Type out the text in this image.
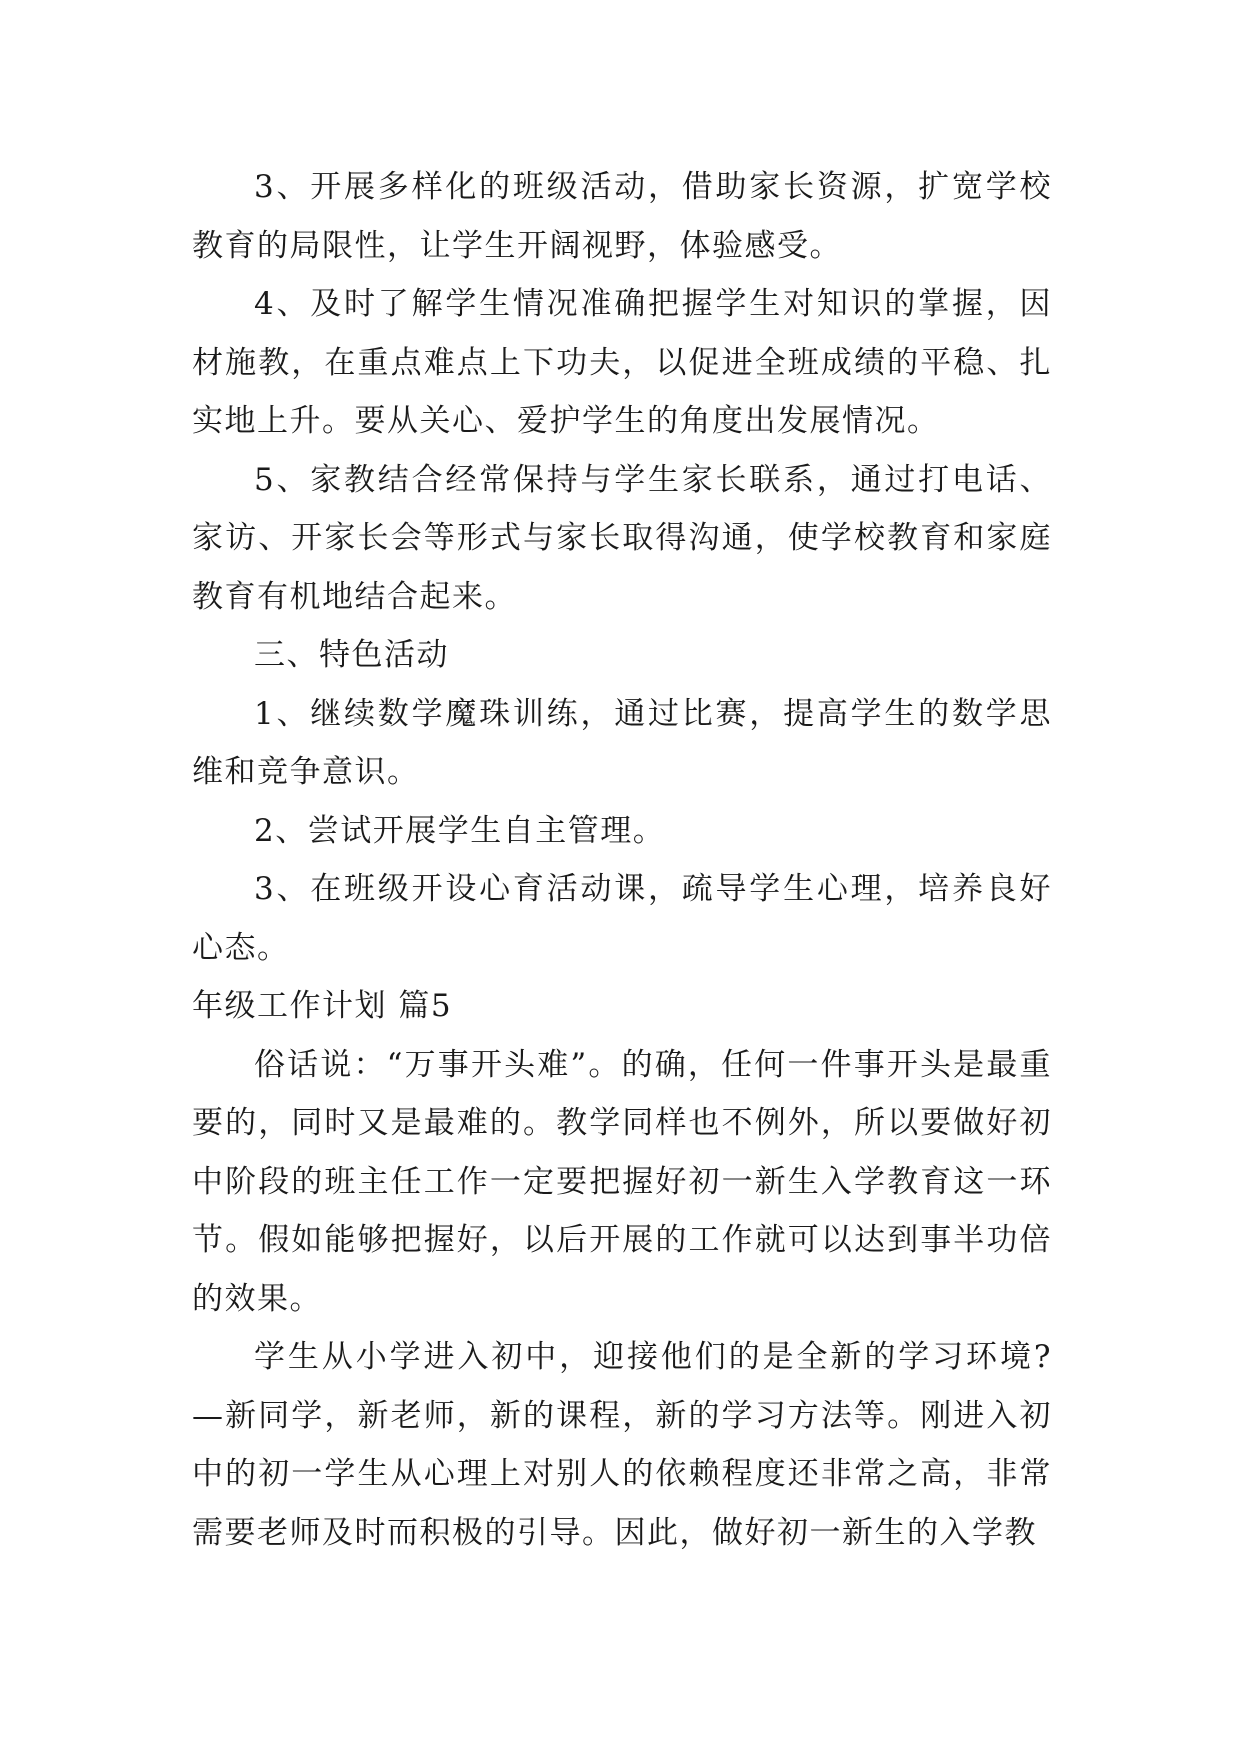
3、开展多样化的班级活动，借助家长资源，扩宽学校教育的局限性，让学生开阔视野，体验感受。

4、及时了解学生情况准确把握学生对知识的掌握，因材施教，在重点难点上下功夫，以促进全班成绩的平稳、扎实地上升。要从关心、爱护学生的角度出发展情况。

5、家教结合经常保持与学生家长联系，通过打电话、家访、开家长会等形式与家长取得沟通，使学校教育和家庭教育有机地结合起来。

三、特色活动

1、继续数学魔珠训练，通过比赛，提高学生的数学思维和竞争意识。

2、尝试开展学生自主管理。

3、在班级开设心育活动课，疏导学生心理，培养良好心态。

年级工作计划 篇5

俗话说：“万事开头难”。的确，任何一件事开头是最重要的，同时又是最难的。教学同样也不例外，所以要做好初中阶段的班主任工作一定要把握好初一新生入学教育这一环节。假如能够把握好，以后开展的工作就可以达到事半功倍的效果。

学生从小学进入初中，迎接他们的是全新的学习环境?—新同学，新老师，新的课程，新的学习方法等。刚进入初中的初一学生从心理上对别人的依赖程度还非常之高，非常需要老师及时而积极的引导。因此，做好初一新生的入学教
